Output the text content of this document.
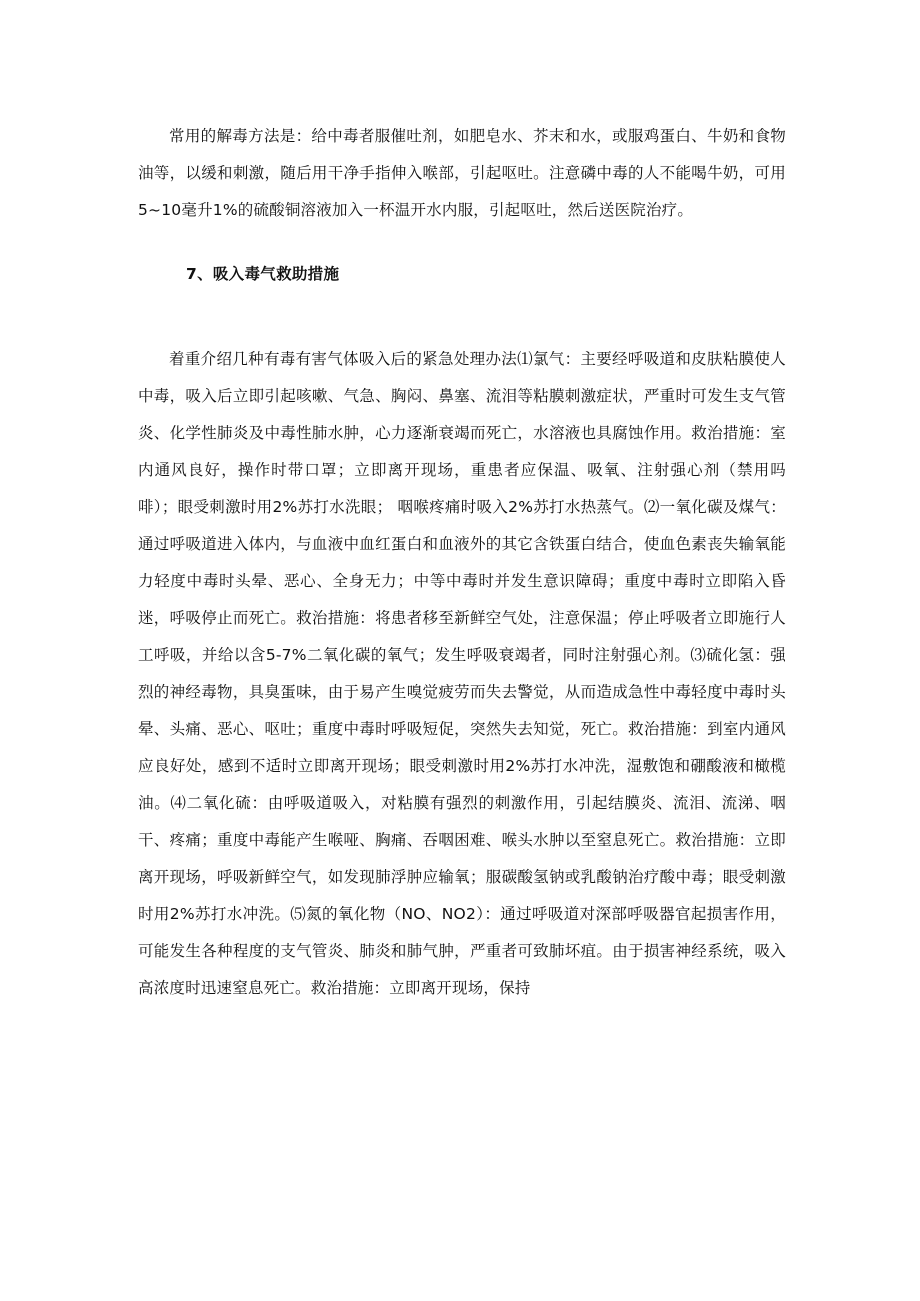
常用的解毒方法是：给中毒者服催吐剂，如肥皂水、芥末和水，或服鸡蛋白、牛奶和食物油等，以缓和刺激，随后用干净手指伸入喉部，引起呕吐。注意磷中毒的人不能喝牛奶，可用5~10毫升1%的硫酸铜溶液加入一杯温开水内服，引起呕吐，然后送医院治疗。

7、吸入毒气救助措施

着重介绍几种有毒有害气体吸入后的紧急处理办法⑴氯气：主要经呼吸道和皮肤粘膜使人中毒，吸入后立即引起咳嗽、气急、胸闷、鼻塞、流泪等粘膜刺激症状，严重时可发生支气管炎、化学性肺炎及中毒性肺水肿，心力逐渐衰竭而死亡，水溶液也具腐蚀作用。救治措施：室内通风良好，操作时带口罩；立即离开现场，重患者应保温、吸氧、注射强心剂（禁用吗啡）；眼受刺激时用2%苏打水洗眼； 咽喉疼痛时吸入2%苏打水热蒸气。⑵一氧化碳及煤气：通过呼吸道进入体内，与血液中血红蛋白和血液外的其它含铁蛋白结合，使血色素丧失输氧能力轻度中毒时头晕、恶心、全身无力；中等中毒时并发生意识障碍；重度中毒时立即陷入昏迷，呼吸停止而死亡。救治措施：将患者移至新鲜空气处，注意保温；停止呼吸者立即施行人工呼吸，并给以含5-7%二氧化碳的氧气；发生呼吸衰竭者，同时注射强心剂。⑶硫化氢：强烈的神经毒物，具臭蛋味，由于易产生嗅觉疲劳而失去警觉，从而造成急性中毒轻度中毒时头晕、头痛、恶心、呕吐；重度中毒时呼吸短促，突然失去知觉，死亡。救治措施：到室内通风应良好处，感到不适时立即离开现场；眼受刺激时用2%苏打水冲洗，湿敷饱和硼酸液和橄榄油。⑷二氧化硫：由呼吸道吸入，对粘膜有强烈的刺激作用，引起结膜炎、流泪、流涕、咽干、疼痛；重度中毒能产生喉哑、胸痛、吞咽困难、喉头水肿以至窒息死亡。救治措施：立即离开现场，呼吸新鲜空气，如发现肺浮肿应输氧；服碳酸氢钠或乳酸钠治疗酸中毒；眼受刺激时用2%苏打水冲洗。⑸氮的氧化物（NO、NO2）：通过呼吸道对深部呼吸器官起损害作用，可能发生各种程度的支气管炎、肺炎和肺气肿，严重者可致肺坏疽。由于损害神经系统，吸入高浓度时迅速窒息死亡。救治措施：立即离开现场，保持
